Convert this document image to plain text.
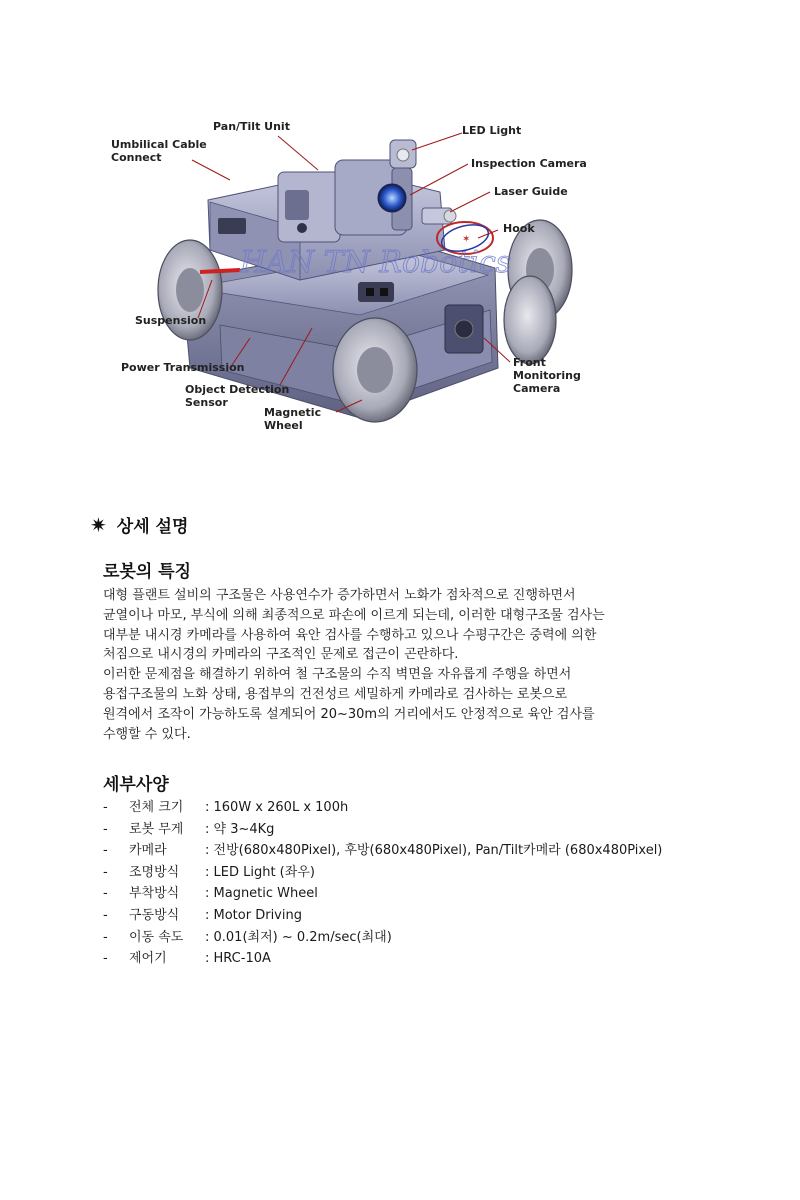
✶
HAN TN Robotics
Pan/Tilt Unit	LED Light
Umbilical Cable
Connect	Inspection Camera
Laser Guide
Hook
Suspension
Power Transmission
Object Detection
Sensor
Magnetic
Wheel
Front
Monitoring
Camera
✷ 상세 설명
로봇의 특징
대형 플랜트 설비의 구조물은 사용연수가 증가하면서 노화가 점차적으로 진행하면서
균열이나 마모, 부식에 의해 최종적으로 파손에 이르게 되는데, 이러한 대형구조물 검사는
대부분 내시경 카메라를 사용하여 육안 검사를 수행하고 있으나 수평구간은 중력에 의한
처짐으로 내시경의 카메라의 구조적인 문제로 접근이 곤란하다.
이러한 문제점을 해결하기 위하여 철 구조물의 수직 벽면을 자유롭게 주행을 하면서
용접구조물의 노화 상태, 용접부의 건전성르 세밀하게 카메라로 검사하는 로봇으로
원격에서 조작이 가능하도록 설계되어 20~30m의 거리에서도 안정적으로 육안 검사를
수행할 수 있다.
세부사양
-	전체 크기	: 160W x 260L x 100h
-	로봇 무게	: 약 3~4Kg
-	카메라	: 전방(680x480Pixel), 후방(680x480Pixel), Pan/Tilt카메라 (680x480Pixel)
-	조명방식	: LED Light (좌우)
-	부착방식	: Magnetic Wheel
-	구동방식	: Motor Driving
-	이동 속도	: 0.01(최저) ~ 0.2m/sec(최대)
-	제어기	: HRC-10A
